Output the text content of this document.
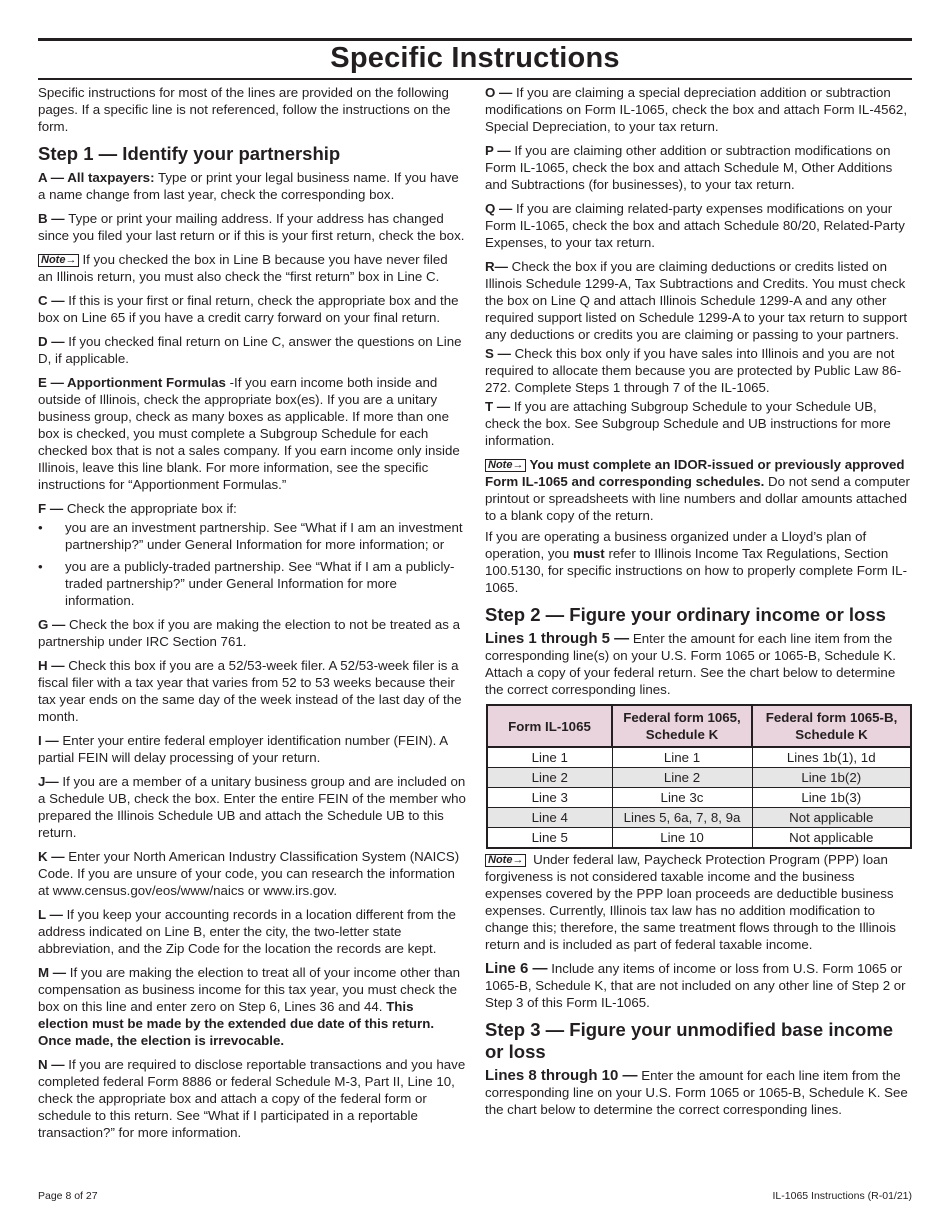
Specific Instructions

Specific instructions for most of the lines are provided on the following pages. If a specific line is not referenced, follow the instructions on the form.

Step 1 — Identify your partnership

A — All taxpayers: Type or print your legal business name. If you have a name change from last year, check the corresponding box.

B — Type or print your mailing address. If your address has changed since you filed your last return or if this is your first return, check the box.

Note→ If you checked the box in Line B because you have never filed an Illinois return, you must also check the “first return” box in Line C.

C — If this is your first or final return, check the appropriate box and the box on Line 65 if you have a credit carry forward on your final return.

D — If you checked final return on Line C, answer the questions on Line D, if applicable.

E — Apportionment Formulas -If you earn income both inside and outside of Illinois, check the appropriate box(es). If you are a unitary business group, check as many boxes as applicable. If more than one box is checked, you must complete a Subgroup Schedule for each checked box that is not a sales company. If you earn income only inside Illinois, leave this line blank. For more information, see the specific instructions for “Apportionment Formulas.”

F — Check the appropriate box if:

• you are an investment partnership. See “What if I am an investment partnership?” under General Information for more information; or
• you are a publicly-traded partnership. See “What if I am a publicly-traded partnership?” under General Information for more information.

G — Check the box if you are making the election to not be treated as a partnership under IRC Section 761.

H — Check this box if you are a 52/53-week filer. A 52/53-week filer is a fiscal filer with a tax year that varies from 52 to 53 weeks because their tax year ends on the same day of the week instead of the last day of the month.

I — Enter your entire federal employer identification number (FEIN). A partial FEIN will delay processing of your return.

J— If you are a member of a unitary business group and are included on a Schedule UB, check the box. Enter the entire FEIN of the member who prepared the Illinois Schedule UB and attach the Schedule UB to this return.

K — Enter your North American Industry Classification System (NAICS) Code. If you are unsure of your code, you can research the information at www.census.gov/eos/www/naics or www.irs.gov.

L — If you keep your accounting records in a location different from the address indicated on Line B, enter the city, the two-letter state abbreviation, and the Zip Code for the location the records are kept.

M — If you are making the election to treat all of your income other than compensation as business income for this tax year, you must check the box on this line and enter zero on Step 6, Lines 36 and 44. This election must be made by the extended due date of this return. Once made, the election is irrevocable.

N — If you are required to disclose reportable transactions and you have completed federal Form 8886 or federal Schedule M-3, Part II, Line 10, check the appropriate box and attach a copy of the federal form or schedule to this return. See “What if I participated in a reportable transaction?” for more information.

O — If you are claiming a special depreciation addition or subtraction modifications on Form IL-1065, check the box and attach Form IL-4562, Special Depreciation, to your tax return.

P — If you are claiming other addition or subtraction modifications on Form IL-1065, check the box and attach Schedule M, Other Additions and Subtractions (for businesses), to your tax return.

Q — If you are claiming related-party expenses modifications on your Form IL-1065, check the box and attach Schedule 80/20, Related-Party Expenses, to your tax return.

R— Check the box if you are claiming deductions or credits listed on Illinois Schedule 1299-A, Tax Subtractions and Credits. You must check the box on Line Q and attach Illinois Schedule 1299-A and any other required support listed on Schedule 1299-A to your tax return to support any deductions or credits you are claiming or passing to your partners.

S — Check this box only if you have sales into Illinois and you are not required to allocate them because you are protected by Public Law 86-272. Complete Steps 1 through 7 of the IL-1065.

T — If you are attaching Subgroup Schedule to your Schedule UB, check the box. See Subgroup Schedule and UB instructions for more information.

Note→ You must complete an IDOR-issued or previously approved Form IL-1065 and corresponding schedules. Do not send a computer printout or spreadsheets with line numbers and dollar amounts attached to a blank copy of the return.

If you are operating a business organized under a Lloyd’s plan of operation, you must refer to Illinois Income Tax Regulations, Section 100.5130, for specific instructions on how to properly complete Form IL-1065.

Step 2 — Figure your ordinary income or loss

Lines 1 through 5 — Enter the amount for each line item from the corresponding line(s) on your U.S. Form 1065 or 1065-B, Schedule K. Attach a copy of your federal return. See the chart below to determine the correct corresponding lines.

Form IL-1065	Federal form 1065, Schedule K	Federal form 1065-B, Schedule K
Line 1	Line 1	Lines 1b(1), 1d
Line 2	Line 2	Line 1b(2)
Line 3	Line 3c	Line 1b(3)
Line 4	Lines 5, 6a, 7, 8, 9a	Not applicable
Line 5	Line 10	Not applicable

Note→ Under federal law, Paycheck Protection Program (PPP) loan forgiveness is not considered taxable income and the business expenses covered by the PPP loan proceeds are deductible business expenses. Currently, Illinois tax law has no addition modification to change this; therefore, the same treatment flows through to the Illinois return and is included as part of federal taxable income.

Line 6 — Include any items of income or loss from U.S. Form 1065 or 1065-B, Schedule K, that are not included on any other line of Step 2 or Step 3 of this Form IL-1065.

Step 3 — Figure your unmodified base income or loss

Lines 8 through 10 — Enter the amount for each line item from the corresponding line on your U.S. Form 1065 or 1065-B, Schedule K. See the chart below to determine the correct corresponding lines.

Page 8 of 27	IL-1065 Instructions (R-01/21)
